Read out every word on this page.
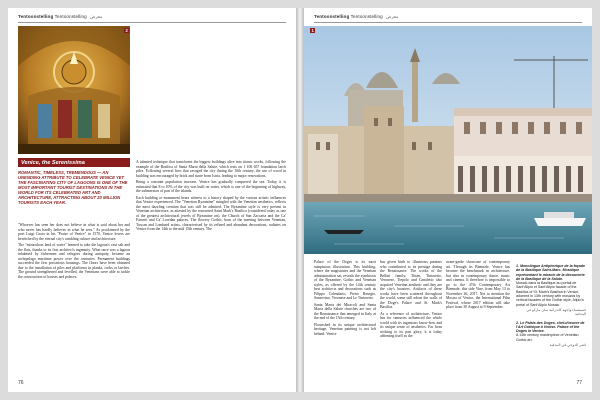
Tentoonstelling Tentoonstelling معرض
2
Venice, the Serenissima
ROMANTIC, TIMELESS, TREMENDOUS — AN UNENDING ATTRIBUTE TO CELEBRATE VENICE YET THE FASCINATING CITY OF LAGOONS IS ONE OF THE MOST IMPORTANT TOURIST DESTINATIONS IN THE WORLD FOR ITS CELEBRATED ART AND ARCHITECTURE, ATTRACTING ABOUT 20 MILLION TOURISTS EACH YEAR.

"Whoever has seen her does not believe in what is said about her and who never has hardly believes in what he sees." As proclaimed by the poet Luigi Groto in his "Praise of Venice" in 1570, Venice lovers are bewitched by the eternal city's rambling culture and architecture.

The "miraculous land of water" learned to take the lagoon's vast salt and the flats, thanks to its first architect's ingenuity. What once was a lagoon inhabited by fishermen and refugees during antiquity, became an archipelago maritime power over the centuries. Permanent buildings succeeded the first precarious housings. The floors have been obtained due to the installation of piles and platforms in planks, rocks or larches. The ground strengthened and levelled, the Venetians were able to tackle the construction of houses and palaces.

A talented technique that transforms the biggest buildings alive into titanic works, following the example of the Basilica of Santa Maria della Salute, which rests on 1 106 657 foundation larch piles. Following several fires that ravaged the city during the 10th century, the use of wood in building was encouraged by brick and stone from Istria, leading to major renovations.

Being a constant population increase, Venice has gradually conquered the sea. Today, it is estimated that 8 to 10% of the city was built on water, which is one of the beginning of highway, the submersion of part of the islands.

Each building or monument bears witness to a history shaped by the various artistic influences that Venice experienced. The "Venetian Byzantine" mingled with the Venetian aesthetics, reflects the most dazzling creation that was still be admired. The Byzantine style is very present in Venetian architecture, as attested by the renowned Saint Mark's Basilica (considered today as one of the greatest architectural jewels of Byzantine art), the Church of San Zaccaria and the Ca' Farsetti and Ca' Loredan palaces. The flowery Gothic, born of the meeting between Venetian, Tuscan and Lombard artists, characterised by its refined and abundant decorations, radiates on Venice from the 14th to the mid 15th century. The

76
Tentoonstelling Tentoonstelling معرض
1

Palace of the Doges is its most sumptuous illustration. This building, where the magistrates and the Venetian administration sat, reveals the symbiosis of the Byzantine, Gothic and Venetian styles, as offered by the 14th century best architects and decorations such as Filippo Calendario, Pietro Basegio, Sansovino, Veronese and Le Tintoretto.

Santa Maria dei Miracoli and Santa Maria della Salute churches are two of the Renaissance that emerged in Italy at the end of the 15th century.

Flourished in its unique architectural heritage, Venetian painting is not left behind. Venice

has given birth to illustrious painters who contributed to its prestige during the Renaissance. The works of the Bellini family, Titian, Tintoretto, Veronese, Tiepolo and Canaletto also acquired Venetian aesthetic and they are the city's boasters. Artifacts of these works have been scattered throughout the world, some still adorn the walls of the Doge's Palace and St. Mark's Basilica.

As a reference of architecture, Venice has for centuries influenced the whole world with its ingenious know-how and its unique sense of aesthetics. Far from sticking to its past glory, it is today affirming itself as the

avant-garde showcase of contemporary art. Through its Biennale, Venice has become the benchmark in architecture, but also in contemporary dance, music and cinema. It therefore is impossible to go to the 47th Contemporary Art Biennale, this side Vine, from May 13 to November 26, 2017. Not to mention the Mostra of Venice, the International Film Festival, whose 2017 edition will take place from 30 August to 9 September.

1. Monolingue Antiphorique de la façade de la Basilique Saint-Marc. Mosaïque représentant le miracle de la découverte de la Basilique de la Salute.
Mosaic dans la Basilique au portail de Sant'Alipio et Sant'Alipio facade of the Basilica of St. Mark's Basilica in Venice, adorned in 13th century with mosaics by vertical facades of the Gothic style, Alipio's portal of Sant'Alipio Mosaic.
فسيفساء واجهة كاتدرائية سان ماركو في البندقية
2. Le Palais des Doges, chef-d'œuvre de l'Art Gothique à Venise. Palace of the Doges in Venice.
A 14th century masterpiece of Venetian Gothic art.
قصر الدوجي في البندقية
77
